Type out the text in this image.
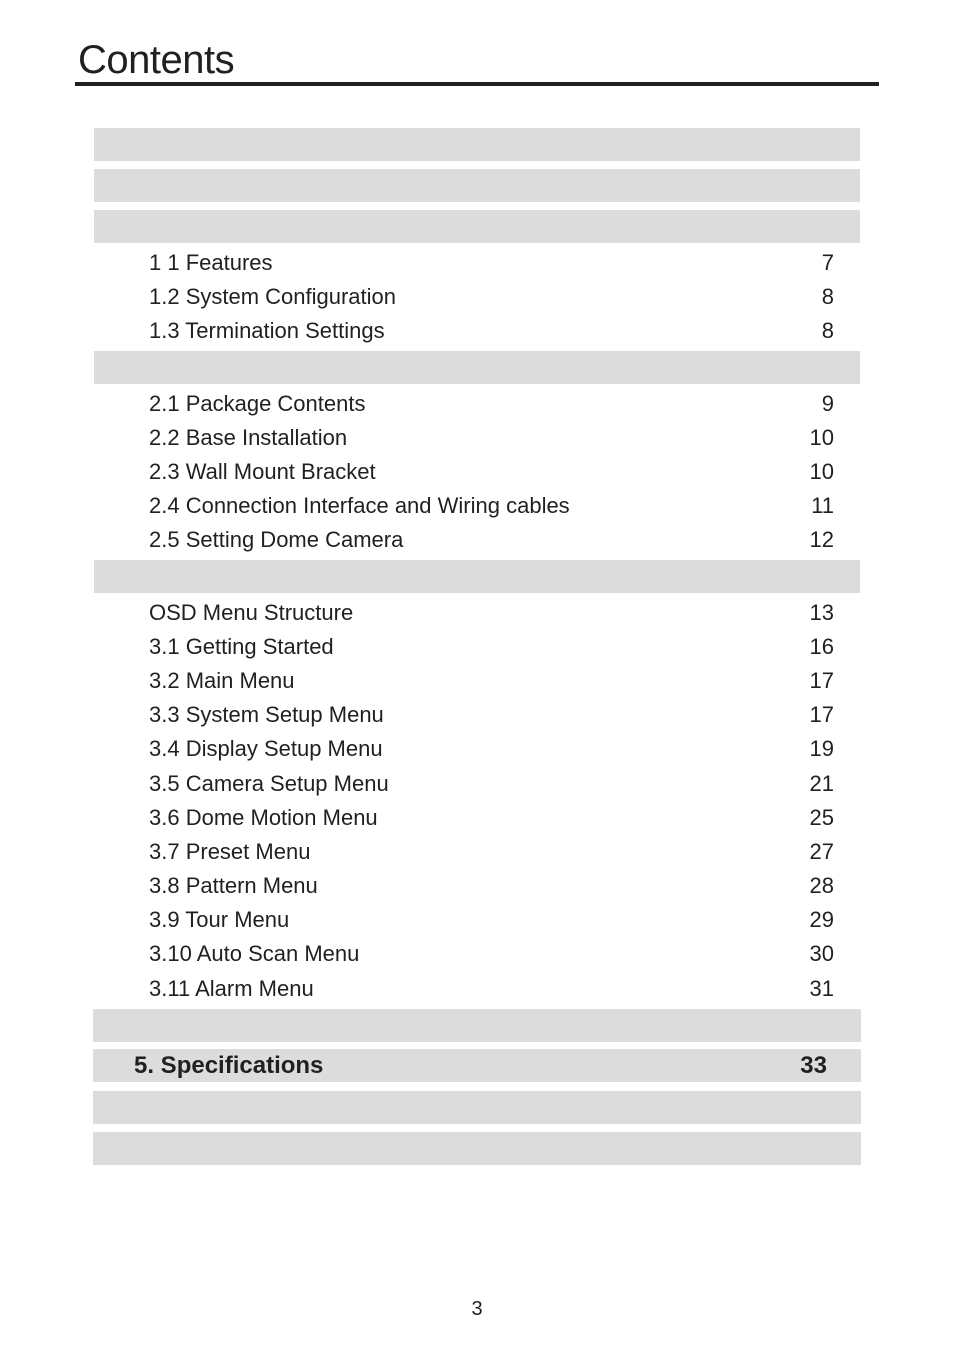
Contents
1 1 Features	7
1.2 System Configuration	8
1.3 Termination Settings	8
2.1 Package Contents	9
2.2 Base Installation	10
2.3 Wall Mount Bracket	10
2.4 Connection Interface and Wiring cables	11
2.5 Setting Dome Camera	12
OSD Menu Structure	13
3.1 Getting Started	16
3.2 Main Menu	17
3.3 System Setup Menu	17
3.4 Display Setup Menu	19
3.5 Camera Setup Menu	21
3.6 Dome Motion Menu	25
3.7 Preset Menu	27
3.8 Pattern Menu	28
3.9 Tour Menu	29
3.10 Auto Scan Menu	30
3.11 Alarm Menu	31
5. Specifications	33
3
